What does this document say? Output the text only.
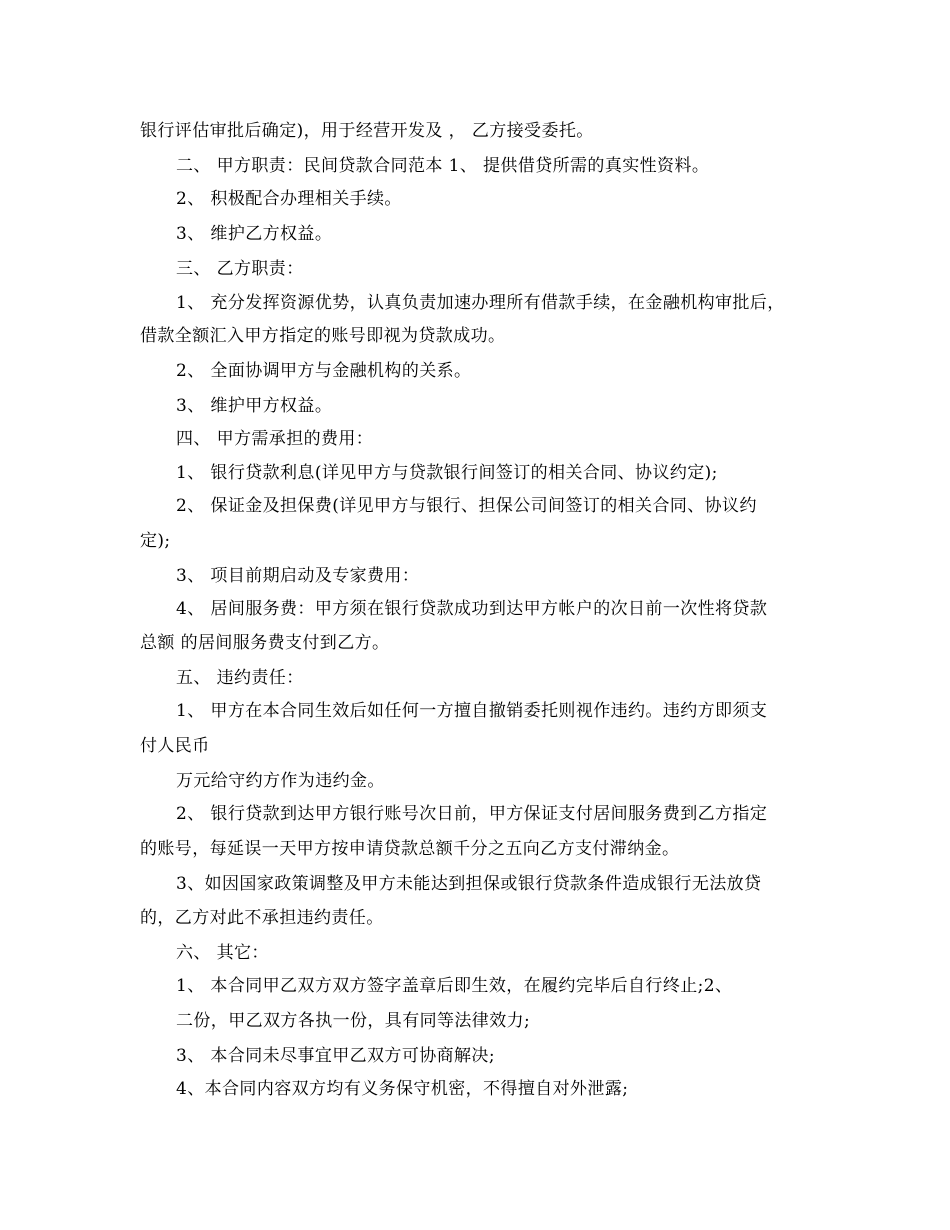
银行评估审批后确定)，用于经营开发及 ， 乙方接受委托。
二、 甲方职责：民间贷款合同范本 1、 提供借贷所需的真实性资料。
2、 积极配合办理相关手续。
3、 维护乙方权益。
三、 乙方职责：
1、 充分发挥资源优势，认真负责加速办理所有借款手续，在金融机构审批后，
借款全额汇入甲方指定的账号即视为贷款成功。
2、 全面协调甲方与金融机构的关系。
3、 维护甲方权益。
四、 甲方需承担的费用：
1、 银行贷款利息(详见甲方与贷款银行间签订的相关合同、协议约定);
2、 保证金及担保费(详见甲方与银行、担保公司间签订的相关合同、协议约
定);
3、 项目前期启动及专家费用：
4、 居间服务费：甲方须在银行贷款成功到达甲方帐户的次日前一次性将贷款
总额 的居间服务费支付到乙方。
五、 违约责任：
1、 甲方在本合同生效后如任何一方擅自撤销委托则视作违约。违约方即须支
付人民币
万元给守约方作为违约金。
2、 银行贷款到达甲方银行账号次日前，甲方保证支付居间服务费到乙方指定
的账号，每延误一天甲方按申请贷款总额千分之五向乙方支付滞纳金。
3、如因国家政策调整及甲方未能达到担保或银行贷款条件造成银行无法放贷
的，乙方对此不承担违约责任。
六、 其它：
1、 本合同甲乙双方双方签字盖章后即生效，在履约完毕后自行终止;2、
二份，甲乙双方各执一份，具有同等法律效力;
3、 本合同未尽事宜甲乙双方可协商解决;
4、本合同内容双方均有义务保守机密，不得擅自对外泄露;
